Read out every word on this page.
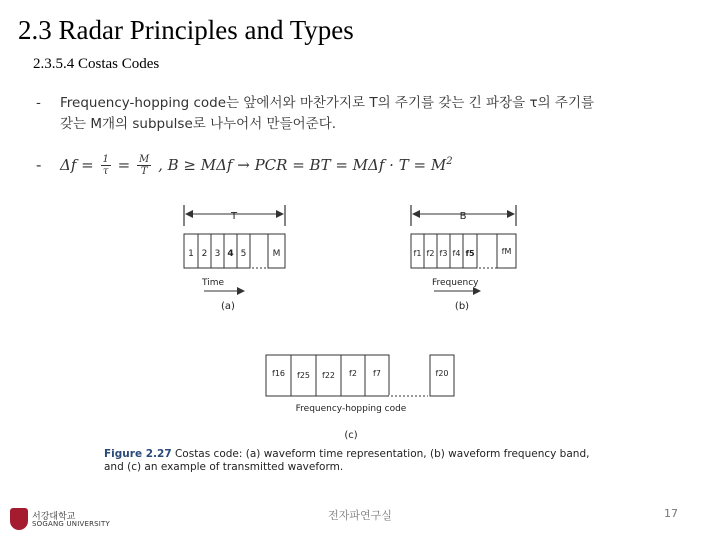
2.3 Radar Principles and Types
2.3.5.4 Costas Codes
- Frequency-hopping code는 앞에서와 마찬가지로 T의 주기를 갖는 긴 파장을 τ의 주기를
갖는 M개의 subpulse로 나누어서 만들어준다.
- $\Delta f = \frac{1}{\tau} = \frac{M}{T}$ , B ≥ MΔf → PCR = BT = $M\Delta f \cdot T = M^2$
T
1 2 3 4 5	M
Time
(a)
B
f1 f2 f3 f4 f5	fM
Frequency
(b)
f16 f25 f22 f2 f7	f20
Frequency-hopping code
(c)
Figure 2.27 Costas code: (a) waveform time representation, (b) waveform frequency band, and (c) an example of transmitted waveform.
서강대학교
SOGANG UNIVERSITY
전자파연구실	17
